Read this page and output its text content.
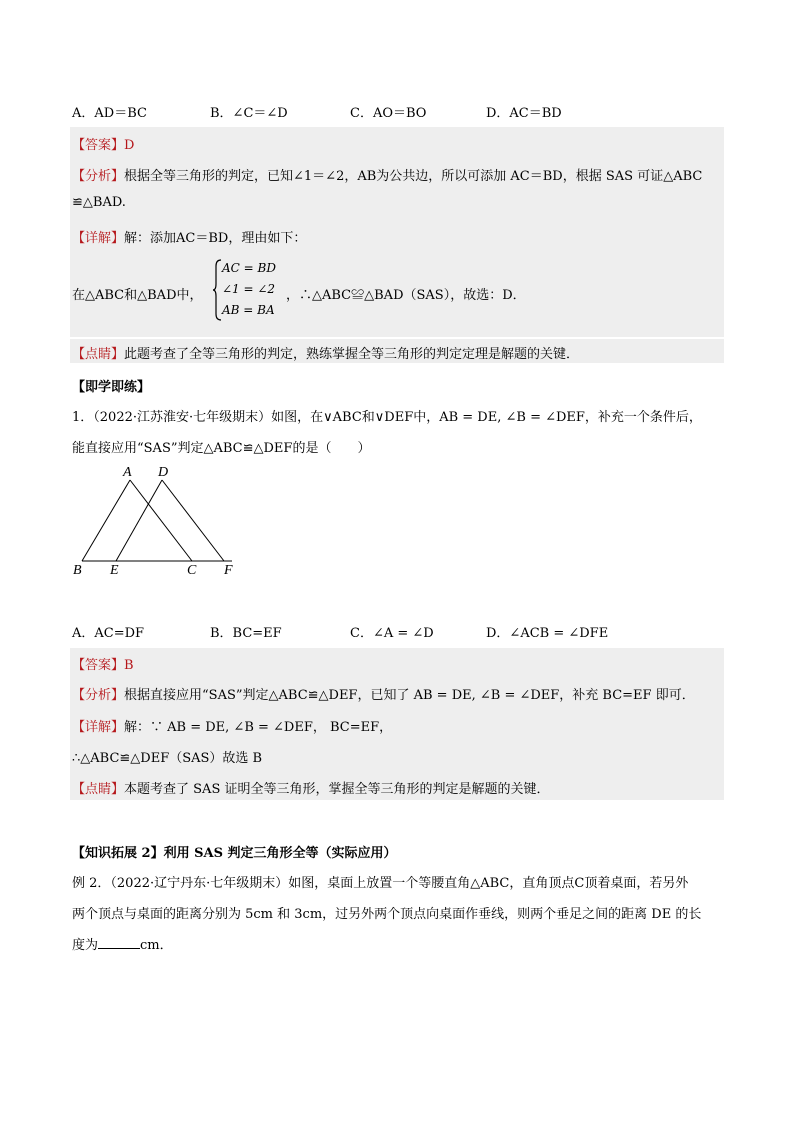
A．AD＝BC	B．∠C＝∠D	C．AO＝BO	D．AC＝BD
【答案】D
【分析】根据全等三角形的判定，已知∠1＝∠2，AB为公共边，所以可添加 AC＝BD，根据 SAS 可证△ABC
≌△BAD.
【详解】解：添加AC＝BD，理由如下：
在△ABC和△BAD中，
AC = BD
∠1 = ∠2
AB = BA
，∴△ABC≌△BAD（SAS），故选：D．
【点睛】此题考查了全等三角形的判定，熟练掌握全等三角形的判定定理是解题的关键．
【即学即练】
1．（2022·江苏淮安·七年级期末）如图，在∨ABC和∨DEF中，AB = DE, ∠B = ∠DEF，补充一个条件后，
能直接应用“SAS”判定△ABC≌△DEF的是（　　）
A D
B E	C F
A．AC=DF	B．BC=EF	C．∠A = ∠D	D．∠ACB = ∠DFE
【答案】B
【分析】根据直接应用“SAS”判定△ABC≌△DEF，已知了 AB = DE, ∠B = ∠DEF，补充 BC=EF 即可．
【详解】解：∵ AB = DE, ∠B = ∠DEF， BC=EF，
∴△ABC≌△DEF（SAS）故选 B
【点睛】本题考查了 SAS 证明全等三角形，掌握全等三角形的判定是解题的关键．
【知识拓展 2】利用 SAS 判定三角形全等（实际应用）
例 2．（2022·辽宁丹东·七年级期末）如图，桌面上放置一个等腰直角△ABC，直角顶点C顶着桌面，若另外
两个顶点与桌面的距离分别为 5cm 和 3cm，过另外两个顶点向桌面作垂线，则两个垂足之间的距离 DE 的长
度为	cm．
